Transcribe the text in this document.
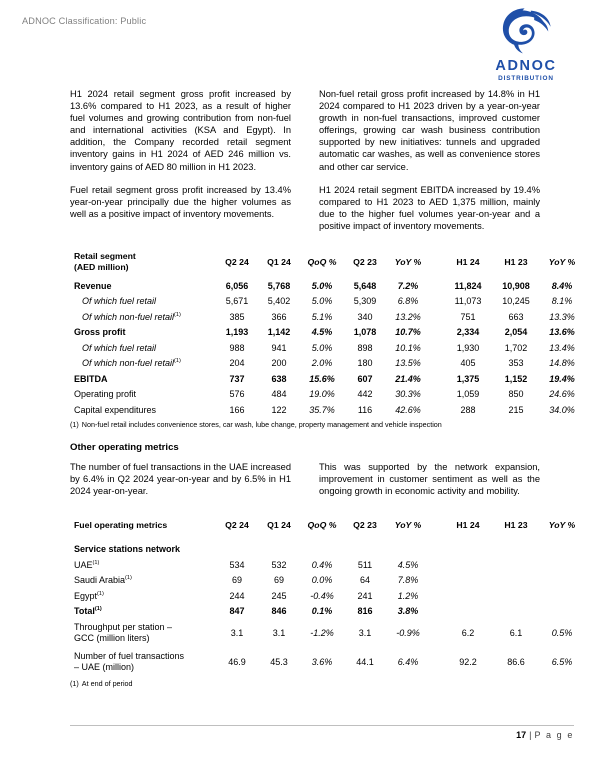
ADNOC Classification: Public
ADNOC
DISTRIBUTION

H1 2024 retail segment gross profit increased by 13.6% compared to H1 2023, as a result of higher fuel volumes and growing contribution from non-fuel and international activities (KSA and Egypt). In addition, the Company recorded retail segment inventory gains in H1 2024 of AED 246 million vs. inventory gains of AED 80 million in H1 2023.

Fuel retail segment gross profit increased by 13.4% year-on-year principally due the higher volumes as well as a positive impact of inventory movements.

Non-fuel retail gross profit increased by 14.8% in H1 2024 compared to H1 2023 driven by a year-on-year growth in non-fuel transactions, improved customer offerings, growing car wash business contribution supported by new initiatives: tunnels and upgraded automatic car washes, as well as convenience stores and other car service.

H1 2024 retail segment EBITDA increased by 19.4% compared to H1 2023 to AED 1,375 million, mainly due to the higher fuel volumes year-on-year and a positive impact of inventory movements.

Retail segment
(AED million)	Q2 24	Q1 24	QoQ %	Q2 23	YoY %		H1 24	H1 23	YoY %
Revenue	6,056	5,768	5.0%	5,648	7.2%		11,824	10,908	8.4%
Of which fuel retail	5,671	5,402	5.0%	5,309	6.8%		11,073	10,245	8.1%
Of which non-fuel retail$^{(1)}$	385	366	5.1%	340	13.2%		751	663	13.3%
Gross profit	1,193	1,142	4.5%	1,078	10.7%		2,334	2,054	13.6%
Of which fuel retail	988	941	5.0%	898	10.1%		1,930	1,702	13.4%
Of which non-fuel retail$^{(1)}$	204	200	2.0%	180	13.5%		405	353	14.8%
EBITDA	737	638	15.6%	607	21.4%		1,375	1,152	19.4%
Operating profit	576	484	19.0%	442	30.3%		1,059	850	24.6%
Capital expenditures	166	122	35.7%	116	42.6%		288	215	34.0%
(1) Non-fuel retail includes convenience stores, car wash, lube change, property management and vehicle inspection
Other operating metrics

The number of fuel transactions in the UAE increased by 6.4% in Q2 2024 year-on-year and by 6.5% in H1 2024 year-on-year.

This was supported by the network expansion, improvement in customer sentiment as well as the ongoing growth in economic activity and mobility.

Fuel operating metrics	Q2 24	Q1 24	QoQ %	Q2 23	YoY %		H1 24	H1 23	YoY %
Service stations network									
UAE$^{(1)}$	534	532	0.4%	511	4.5%				
Saudi Arabia$^{(1)}$	69	69	0.0%	64	7.8%				
Egypt$^{(1)}$	244	245	-0.4%	241	1.2%				
Total$^{(1)}$	847	846	0.1%	816	3.8%				
Throughput per station –
GCC (million liters)	3.1	3.1	-1.2%	3.1	-0.9%		6.2	6.1	0.5%
Number of fuel transactions
– UAE (million)	46.9	45.3	3.6%	44.1	6.4%		92.2	86.6	6.5%
(1) At end of period
17 | P a g e
